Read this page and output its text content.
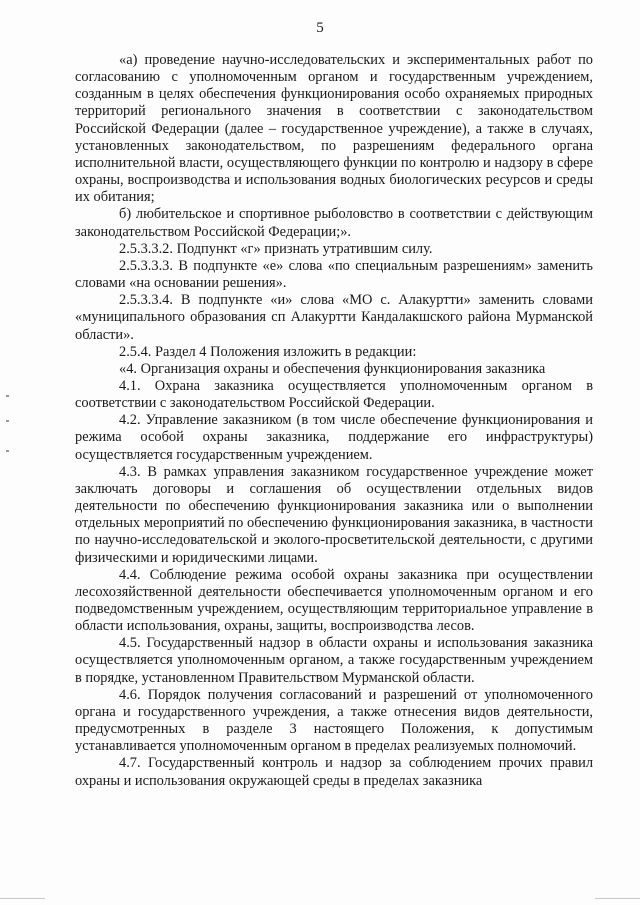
5

«а) проведение научно-исследовательских и экспериментальных работ по согласованию с уполномоченным органом и государственным учреждением, созданным в целях обеспечения функционирования особо охраняемых природных территорий регионального значения в соответствии с законодательством Российской Федерации (далее – государственное учреждение), а также в случаях, установленных законодательством, по разрешениям федерального органа исполнительной власти, осуществляющего функции по контролю и надзору в сфере охраны, воспроизводства и использования водных биологических ресурсов и среды их обитания;

б) любительское и спортивное рыболовство в соответствии с действующим законодательством Российской Федерации;».

2.5.3.3.2. Подпункт «г» признать утратившим силу.

2.5.3.3.3. В подпункте «е» слова «по специальным разрешениям» заменить словами «на основании решения».

2.5.3.3.4. В подпункте «и» слова «МО с. Алакуртти» заменить словами «муниципального образования сп Алакуртти Кандалакшского района Мурманской области».

2.5.4. Раздел 4 Положения изложить в редакции:

«4. Организация охраны и обеспечения функционирования заказника

4.1. Охрана заказника осуществляется уполномоченным органом в соответствии с законодательством Российской Федерации.

4.2. Управление заказником (в том числе обеспечение функционирования и режима особой охраны заказника, поддержание его инфраструктуры) осуществляется государственным учреждением.

4.3. В рамках управления заказником государственное учреждение может заключать договоры и соглашения об осуществлении отдельных видов деятельности по обеспечению функционирования заказника или о выполнении отдельных мероприятий по обеспечению функционирования заказника, в частности по научно-исследовательской и эколого-просветительской деятельности, с другими физическими и юридическими лицами.

4.4. Соблюдение режима особой охраны заказника при осуществлении лесохозяйственной деятельности обеспечивается уполномоченным органом и его подведомственным учреждением, осуществляющим территориальное управление в области использования, охраны, защиты, воспроизводства лесов.

4.5. Государственный надзор в области охраны и использования заказника осуществляется уполномоченным органом, а также государственным учреждением в порядке, установленном Правительством Мурманской области.

4.6. Порядок получения согласований и разрешений от уполномоченного органа и государственного учреждения, а также отнесения видов деятельности, предусмотренных в разделе 3 настоящего Положения, к допустимым устанавливается уполномоченным органом в пределах реализуемых полномочий.

4.7. Государственный контроль и надзор за соблюдением прочих правил охраны и использования окружающей среды в пределах заказника
